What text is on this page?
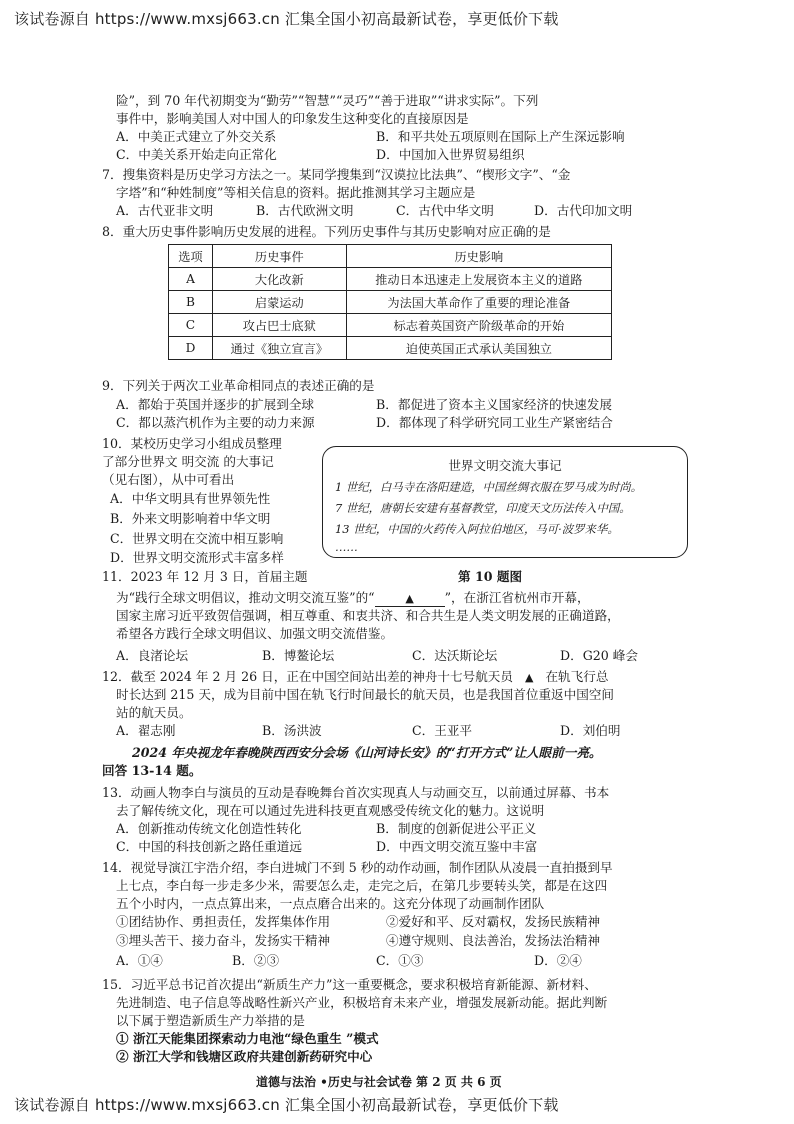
该试卷源自 https://www.mxsj663.cn 汇集全国小初高最新试卷，享更低价下载
险”，到 70 年代初期变为“勤劳”“智慧”“灵巧”“善于进取”“讲求实际”。下列
事件中，影响美国人对中国人的印象发生这种变化的直接原因是
A．中美正式建立了外交关系	B．和平共处五项原则在国际上产生深远影响
C．中美关系开始走向正常化	D．中国加入世界贸易组织
7．搜集资料是历史学习方法之一。某同学搜集到“汉谟拉比法典”、“楔形文字”、“金
字塔”和“种姓制度”等相关信息的资料。据此推测其学习主题应是
A．古代亚非文明	B．古代欧洲文明	C．古代中华文明	D．古代印加文明
8．重大历史事件影响历史发展的进程。下列历史事件与其历史影响对应正确的是
选项	历史事件	历史影响
A	大化改新	推动日本迅速走上发展资本主义的道路
B	启蒙运动	为法国大革命作了重要的理论准备
C	攻占巴士底狱	标志着英国资产阶级革命的开始
D	通过《独立宣言》	迫使英国正式承认美国独立
9．下列关于两次工业革命相同点的表述正确的是
A．都始于英国并逐步的扩展到全球	B．都促进了资本主义国家经济的快速发展
C．都以蒸汽机作为主要的动力来源	D．都体现了科学研究同工业生产紧密结合
10．某校历史学习小组成员整理
了部分世界文 明交流 的大事记
（见右图），从中可看出
A．中华文明具有世界领先性
B．外来文明影响着中华文明
C．世界文明在交流中相互影响
D．世界文明交流形式丰富多样
世界文明交流大事记
1 世纪，白马寺在洛阳建造，中国丝绸衣服在罗马成为时尚。
7 世纪，唐朝长安建有基督教堂，印度天文历法传入中国。
13 世纪，中国的火药传入阿拉伯地区，马可·波罗来华。
……
11．2023 年 12 月 3 日，首届主题	第 10 题图
为“践行全球文明倡议，推动文明交流互鉴”的“	▲ ”，在浙江省杭州市开幕，
国家主席习近平致贺信强调，相互尊重、和衷共济、和合共生是人类文明发展的正确道路，
希望各方践行全球文明倡议、加强文明交流借鉴。
A．良渚论坛	B．博鳌论坛	C．达沃斯论坛	D．G20 峰会
12．截至 2024 年 2 月 26 日，正在中国空间站出差的神舟十七号航天员 ▲ 在轨飞行总
时长达到 215 天，成为目前中国在轨飞行时间最长的航天员，也是我国首位重返中国空间
站的航天员。
A．翟志刚	B．汤洪波	C．王亚平	D．刘伯明
2024 年央视龙年春晚陕西西安分会场《山河诗长安》的“打开方式”让人眼前一亮。
回答 13-14 题。
13．动画人物李白与演员的互动是春晚舞台首次实现真人与动画交互，以前通过屏幕、书本
去了解传统文化，现在可以通过先进科技更直观感受传统文化的魅力。这说明
A．创新推动传统文化创造性转化	B．制度的创新促进公平正义
C．中国的科技创新之路任重道远	D．中西文明交流互鉴中丰富
14．视觉导演江宇浩介绍，李白进城门不到 5 秒的动作动画，制作团队从凌晨一直拍摄到早
上七点，李白每一步走多少米，需要怎么走，走完之后，在第几步要转头笑，都是在这四
五个小时内，一点点算出来，一点点磨合出来的。这充分体现了动画制作团队
①团结协作、勇担责任，发挥集体作用	②爱好和平、反对霸权，发扬民族精神
③埋头苦干、接力奋斗，发扬实干精神	④遵守规则、良法善治，发扬法治精神
A．①④	B．②③	C．①③	D．②④
15．习近平总书记首次提出“新质生产力”这一重要概念，要求积极培育新能源、新材料、
先进制造、电子信息等战略性新兴产业，积极培育未来产业，增强发展新动能。据此判断
以下属于塑造新质生产力举措的是
① 浙江天能集团探索动力电池“绿色重生 ”模式
② 浙江大学和钱塘区政府共建创新药研究中心
道德与法治 •历史与社会试卷 第 2 页 共 6 页
该试卷源自 https://www.mxsj663.cn 汇集全国小初高最新试卷，享更低价下载
